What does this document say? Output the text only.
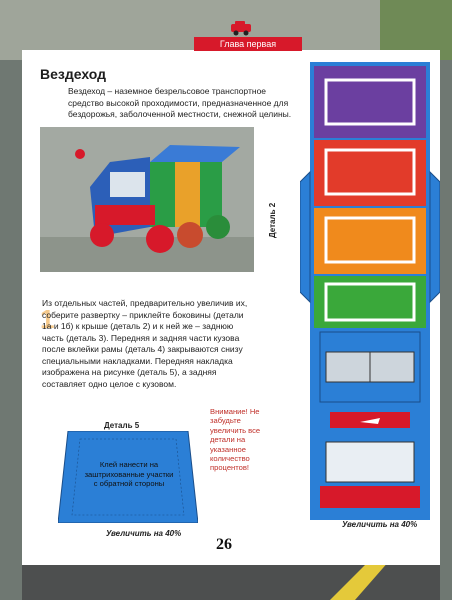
Глава первая
Вездеход
Вездеход – наземное безрельсовое транспортное средство высокой проходимости, предназначенное для бездорожья, заболоченной местности, снежной целины.
1
Из отдельных частей, предварительно увеличив их, соберите развертку – приклейте боковины (детали 1а и 1б) к крыше (деталь 2) и к ней же – заднюю часть (деталь 3). Передняя и задняя части кузова после вклейки рамы (деталь 4) закрываются снизу специальными накладками. Передняя накладка изображена на рисунке (деталь 5), а задняя составляет одно целое с кузовом.
Деталь 5
Клей нанести на заштрихованные участки с обратной стороны
Увеличить на 40%
Внимание! Не забудьте увеличить все детали на указанное количество процентов!
Деталь 2
Увеличить на 40%
26
